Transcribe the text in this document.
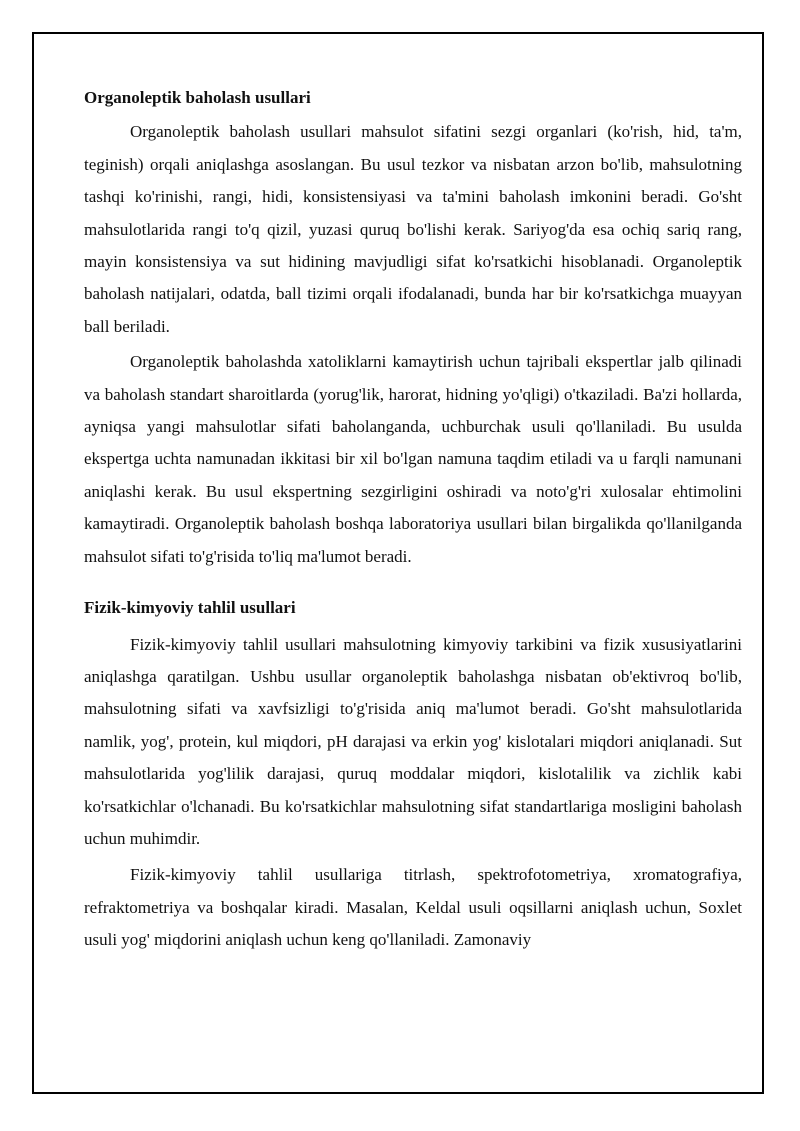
Organoleptik baholash usullari

Organoleptik baholash usullari mahsulot sifatini sezgi organlari (ko'rish, hid, ta'm, teginish) orqali aniqlashga asoslangan. Bu usul tezkor va nisbatan arzon bo'lib, mahsulotning tashqi ko'rinishi, rangi, hidi, konsistensiyasi va ta'mini baholash imkonini beradi. Go'sht mahsulotlarida rangi to'q qizil, yuzasi quruq bo'lishi kerak. Sariyog'da esa ochiq sariq rang, mayin konsistensiya va sut hidining mavjudligi sifat ko'rsatkichi hisoblanadi. Organoleptik baholash natijalari, odatda, ball tizimi orqali ifodalanadi, bunda har bir ko'rsatkichga muayyan ball beriladi.

Organoleptik baholashda xatoliklarni kamaytirish uchun tajribali ekspertlar jalb qilinadi va baholash standart sharoitlarda (yorug'lik, harorat, hidning yo'qligi) o'tkaziladi. Ba'zi hollarda, ayniqsa yangi mahsulotlar sifati baholanganda, uchburchak usuli qo'llaniladi. Bu usulda ekspertga uchta namunadan ikkitasi bir xil bo'lgan namuna taqdim etiladi va u farqli namunani aniqlashi kerak. Bu usul ekspertning sezgirligini oshiradi va noto'g'ri xulosalar ehtimolini kamaytiradi. Organoleptik baholash boshqa laboratoriya usullari bilan birgalikda qo'llanilganda mahsulot sifati to'g'risida to'liq ma'lumot beradi.

Fizik-kimyoviy tahlil usullari

Fizik-kimyoviy tahlil usullari mahsulotning kimyoviy tarkibini va fizik xususiyatlarini aniqlashga qaratilgan. Ushbu usullar organoleptik baholashga nisbatan ob'ektivroq bo'lib, mahsulotning sifati va xavfsizligi to'g'risida aniq ma'lumot beradi. Go'sht mahsulotlarida namlik, yog', protein, kul miqdori, pH darajasi va erkin yog' kislotalari miqdori aniqlanadi. Sut mahsulotlarida yog'lilik darajasi, quruq moddalar miqdori, kislotalilik va zichlik kabi ko'rsatkichlar o'lchanadi. Bu ko'rsatkichlar mahsulotning sifat standartlariga mosligini baholash uchun muhimdir.

Fizik-kimyoviy tahlil usullariga titrlash, spektrofotometriya, xromatografiya, refraktometriya va boshqalar kiradi. Masalan, Keldal usuli oqsillarni aniqlash uchun, Soxlet usuli yog' miqdorini aniqlash uchun keng qo'llaniladi. Zamonaviy
